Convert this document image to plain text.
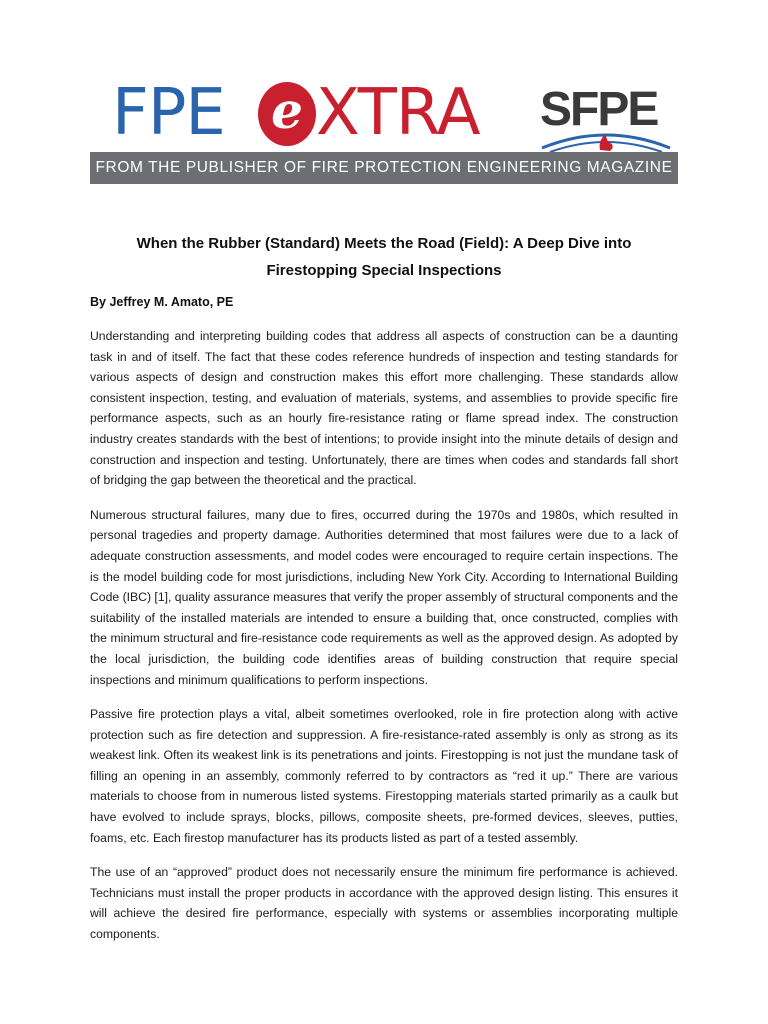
FPE e XTRA SFPE
FROM THE PUBLISHER OF FIRE PROTECTION ENGINEERING MAGAZINE
When the Rubber (Standard) Meets the Road (Field): A Deep Dive into
Firestopping Special Inspections
By Jeffrey M. Amato, PE

Understanding and interpreting building codes that address all aspects of construction can be a daunting task in and of itself. The fact that these codes reference hundreds of inspection and testing standards for various aspects of design and construction makes this effort more challenging. These standards allow consistent inspection, testing, and evaluation of materials, systems, and assemblies to provide specific fire performance aspects, such as an hourly fire-resistance rating or flame spread index. The construction industry creates standards with the best of intentions; to provide insight into the minute details of design and construction and inspection and testing. Unfortunately, there are times when codes and standards fall short of bridging the gap between the theoretical and the practical.

Numerous structural failures, many due to fires, occurred during the 1970s and 1980s, which resulted in personal tragedies and property damage. Authorities determined that most failures were due to a lack of adequate construction assessments, and model codes were encouraged to require certain inspections. The is the model building code for most jurisdictions, including New York City. According to International Building Code (IBC) [1], quality assurance measures that verify the proper assembly of structural components and the suitability of the installed materials are intended to ensure a building that, once constructed, complies with the minimum structural and fire-resistance code requirements as well as the approved design. As adopted by the local jurisdiction, the building code identifies areas of building construction that require special inspections and minimum qualifications to perform inspections.

Passive fire protection plays a vital, albeit sometimes overlooked, role in fire protection along with active protection such as fire detection and suppression. A fire-resistance-rated assembly is only as strong as its weakest link. Often its weakest link is its penetrations and joints. Firestopping is not just the mundane task of filling an opening in an assembly, commonly referred to by contractors as “red it up.” There are various materials to choose from in numerous listed systems. Firestopping materials started primarily as a caulk but have evolved to include sprays, blocks, pillows, composite sheets, pre-formed devices, sleeves, putties, foams, etc. Each firestop manufacturer has its products listed as part of a tested assembly.

The use of an “approved” product does not necessarily ensure the minimum fire performance is achieved. Technicians must install the proper products in accordance with the approved design listing. This ensures it will achieve the desired fire performance, especially with systems or assemblies incorporating multiple components.
